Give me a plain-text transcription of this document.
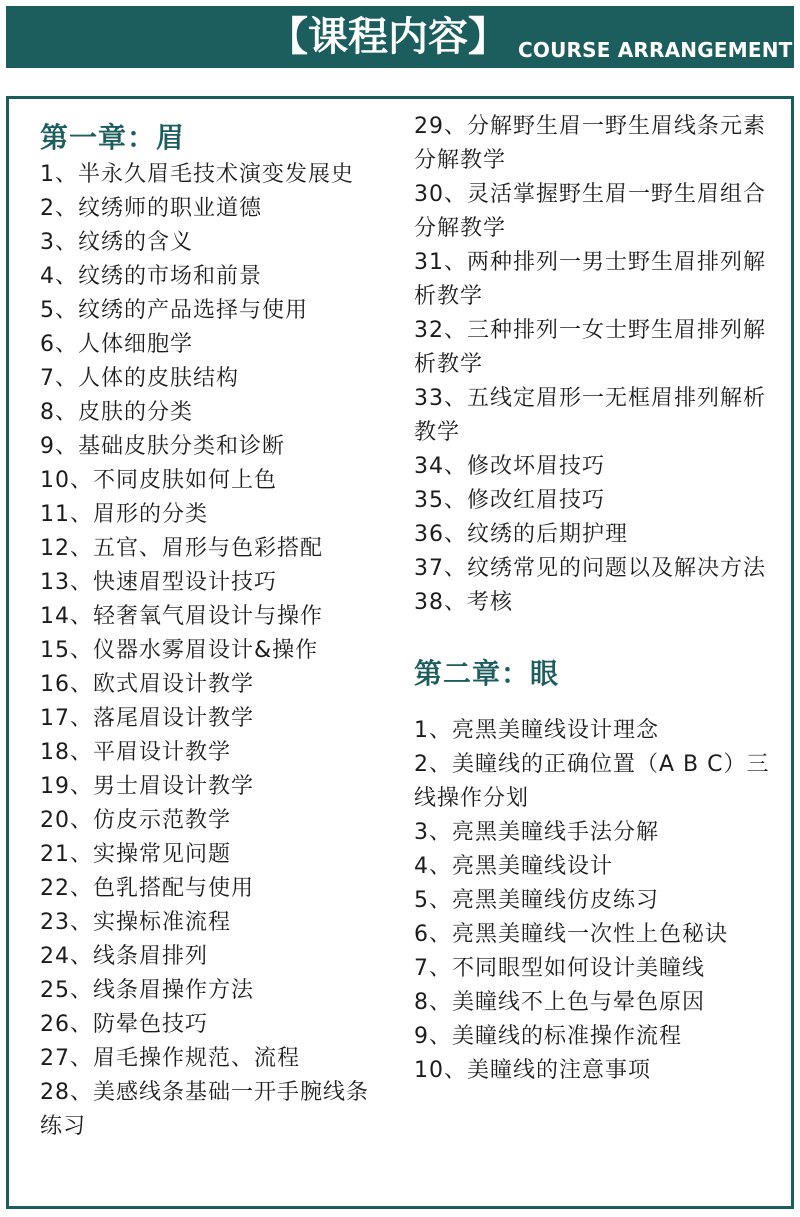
【课程内容】 COURSE ARRANGEMENT
第一章：眉
1、半永久眉毛技术演变发展史
2、纹绣师的职业道德
3、纹绣的含义
4、纹绣的市场和前景
5、纹绣的产品选择与使用
6、人体细胞学
7、人体的皮肤结构
8、皮肤的分类
9、基础皮肤分类和诊断
10、不同皮肤如何上色
11、眉形的分类
12、五官、眉形与色彩搭配
13、快速眉型设计技巧
14、轻奢氧气眉设计与操作
15、仪器水雾眉设计&操作
16、欧式眉设计教学
17、落尾眉设计教学
18、平眉设计教学
19、男士眉设计教学
20、仿皮示范教学
21、实操常见问题
22、色乳搭配与使用
23、实操标准流程
24、线条眉排列
25、线条眉操作方法
26、防晕色技巧
27、眉毛操作规范、流程
28、美感线条基础一开手腕线条练习
29、分解野生眉一野生眉线条元素分解教学
30、灵活掌握野生眉一野生眉组合分解教学
31、两种排列一男士野生眉排列解析教学
32、三种排列一女士野生眉排列解析教学
33、五线定眉形一无框眉排列解析教学
34、修改坏眉技巧
35、修改红眉技巧
36、纹绣的后期护理
37、纹绣常见的问题以及解决方法
38、考核
第二章：眼
1、亮黑美瞳线设计理念
2、美瞳线的正确位置（A B C）三线操作分划
3、亮黑美瞳线手法分解
4、亮黑美瞳线设计
5、亮黑美瞳线仿皮练习
6、亮黑美瞳线一次性上色秘诀
7、不同眼型如何设计美瞳线
8、美瞳线不上色与晕色原因
9、美瞳线的标准操作流程
10、美瞳线的注意事项
